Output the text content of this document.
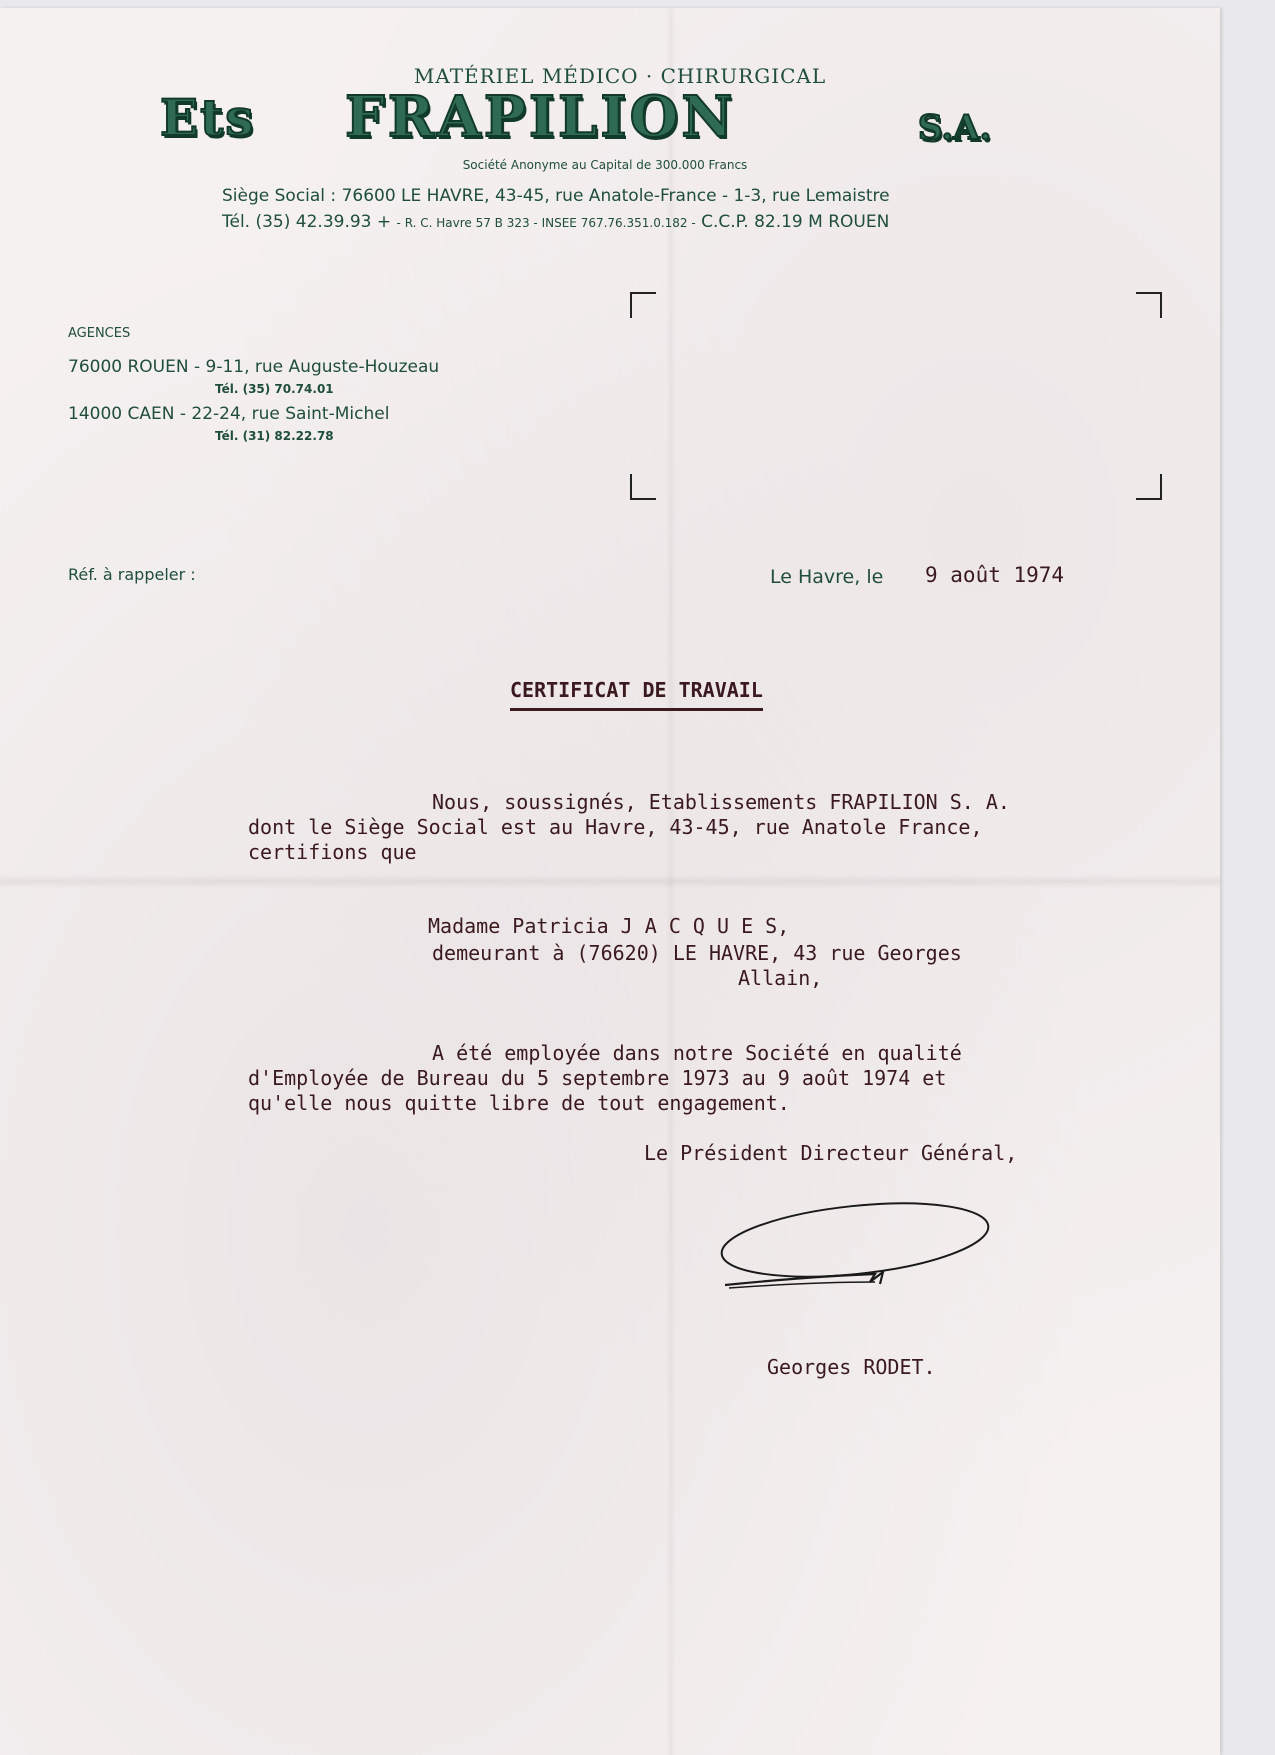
MATÉRIEL MÉDICO · CHIRURGICAL
Ets FRAPILION	S.A.
Société Anonyme au Capital de 300.000 Francs
Siège Social : 76600 LE HAVRE, 43-45, rue Anatole-France - 1-3, rue Lemaistre
Tél. (35) 42.39.93 + - R. C. Havre 57 B 323 - INSEE 767.76.351.0.182 - C.C.P. 82.19 M ROUEN
AGENCES
76000 ROUEN - 9-11, rue Auguste-Houzeau
Tél. (35) 70.74.01
14000 CAEN - 22-24, rue Saint-Michel
Tél. (31) 82.22.78
Réf. à rappeler :	Le Havre, le 9 août 1974
CERTIFICAT DE TRAVAIL
Nous, soussignés, Etablissements FRAPILION S. A.
dont le Siège Social est au Havre, 43-45, rue Anatole France,
certifions que
Madame Patricia J A C Q U E S,
demeurant à (76620) LE HAVRE, 43 rue Georges
Allain,
A été employée dans notre Société en qualité
d'Employée de Bureau du 5 septembre 1973 au 9 août 1974 et
qu'elle nous quitte libre de tout engagement.
Le Président Directeur Général,
Georges RODET.
